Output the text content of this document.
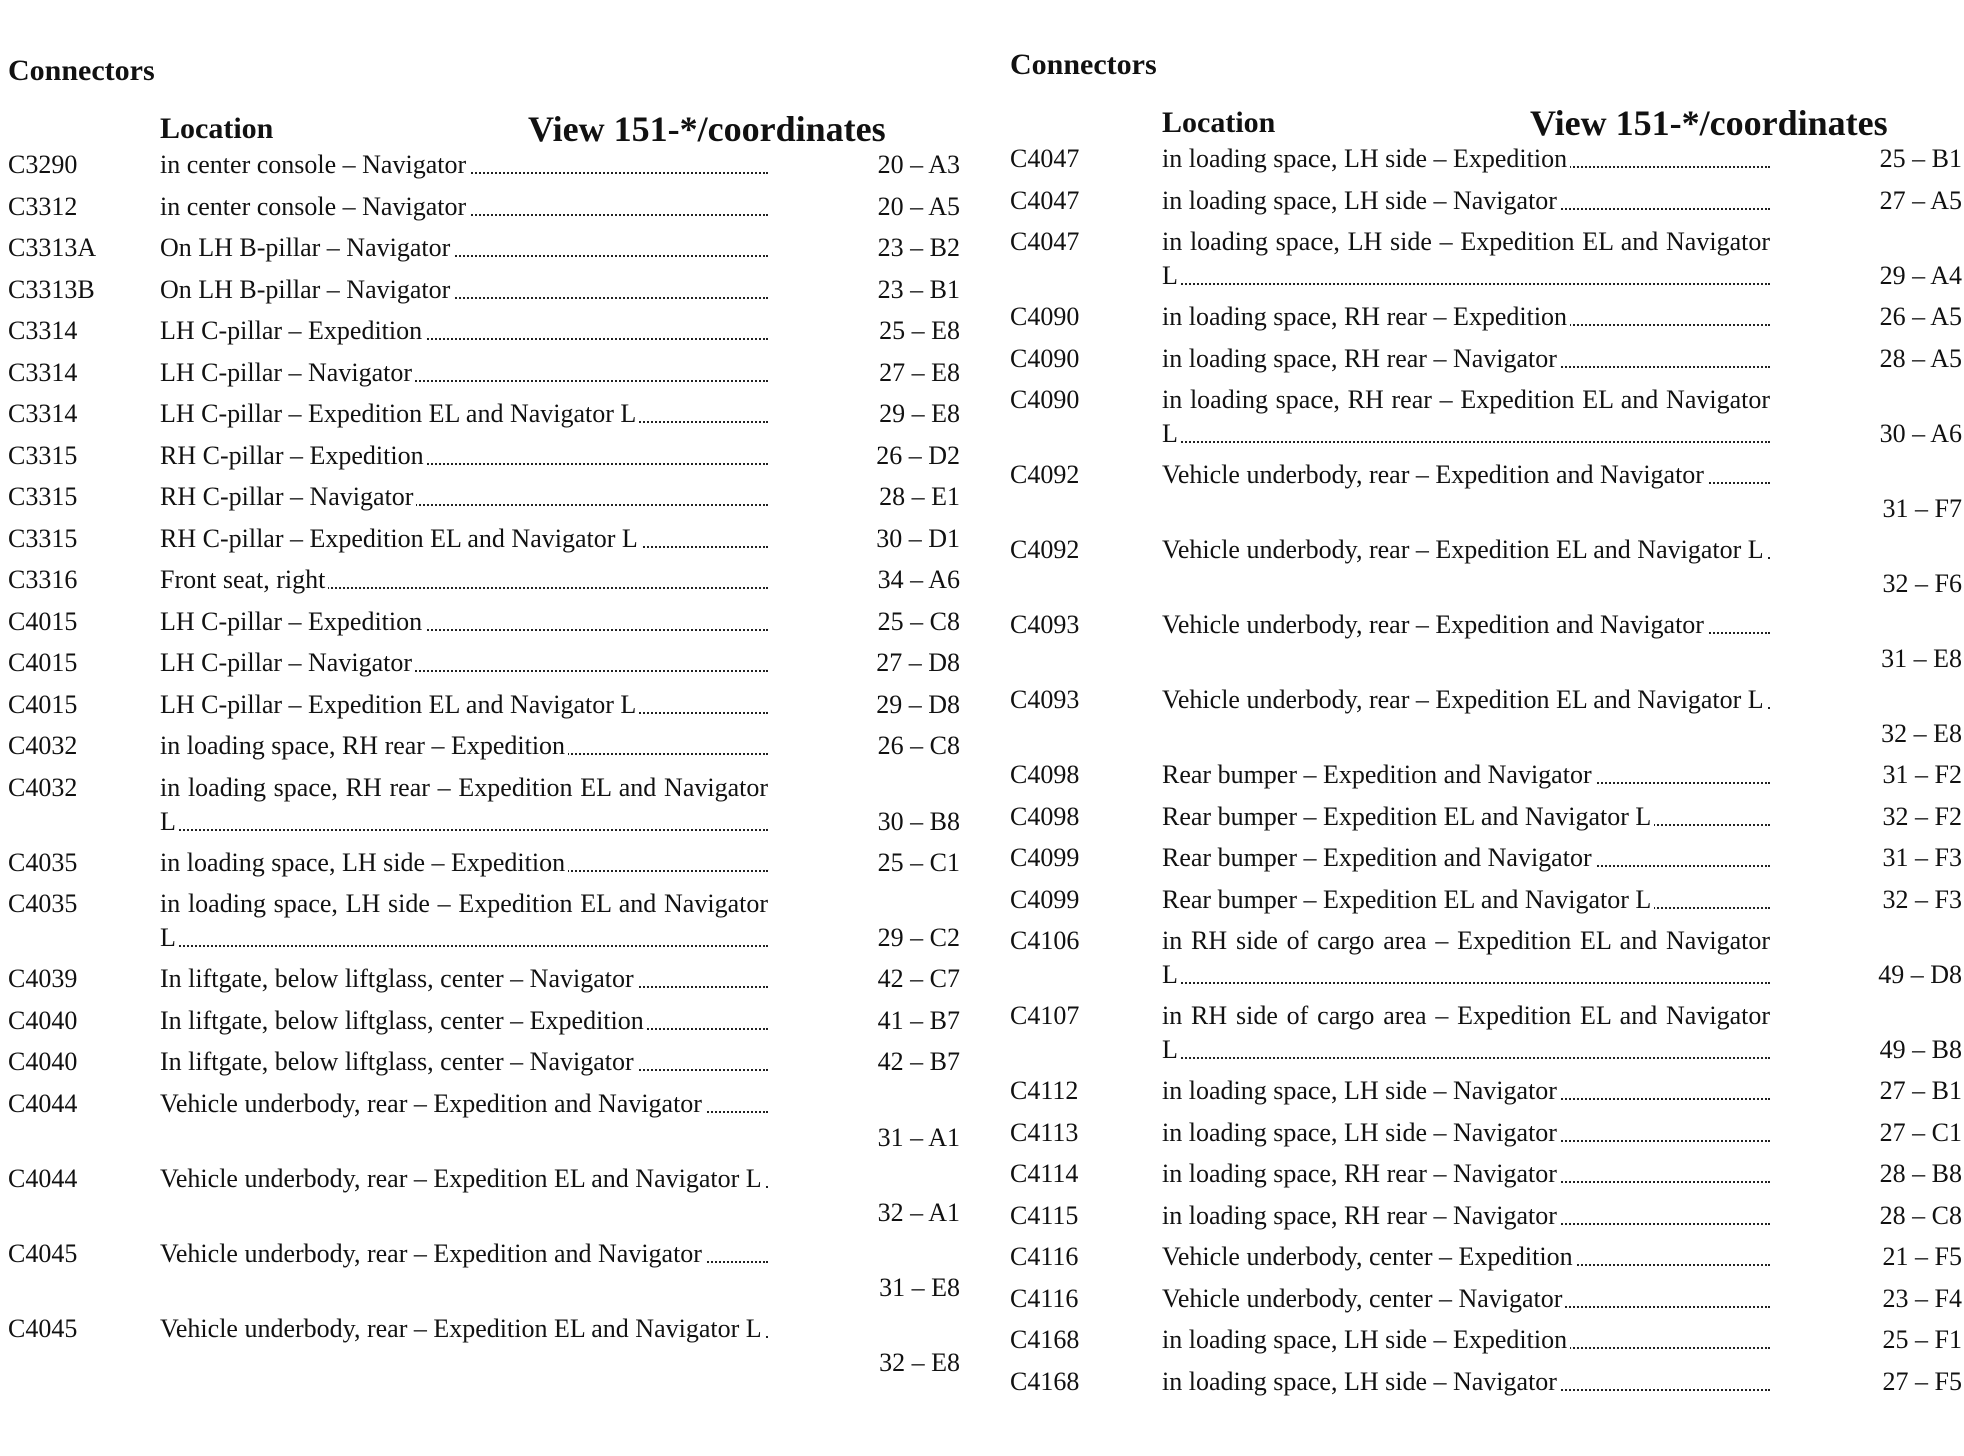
Connectors
Location	View 151-*/coordinates
C3290	in center console – Navigator	20 – A3
C3312	in center console – Navigator	20 – A5
C3313A	On LH B-pillar – Navigator	23 – B2
C3313B	On LH B-pillar – Navigator	23 – B1
C3314	LH C-pillar – Expedition	25 – E8
C3314	LH C-pillar – Navigator	27 – E8
C3314	LH C-pillar – Expedition EL and Navigator L	29 – E8
C3315	RH C-pillar – Expedition	26 – D2
C3315	RH C-pillar – Navigator	28 – E1
C3315	RH C-pillar – Expedition EL and Navigator L	30 – D1
C3316	Front seat, right	34 – A6
C4015	LH C-pillar – Expedition	25 – C8
C4015	LH C-pillar – Navigator	27 – D8
C4015	LH C-pillar – Expedition EL and Navigator L	29 – D8
C4032	in loading space, RH rear – Expedition	26 – C8
C4032	in loading space, RH rear – Expedition EL and Navigator L	30 – B8
C4035	in loading space, LH side – Expedition	25 – C1
C4035	in loading space, LH side – Expedition EL and Navigator L	29 – C2
C4039	In liftgate, below liftglass, center – Navigator	42 – C7
C4040	In liftgate, below liftglass, center – Expedition	41 – B7
C4040	In liftgate, below liftglass, center – Navigator	42 – B7
C4044	Vehicle underbody, rear – Expedition and Navigator
31 – A1
C4044	Vehicle underbody, rear – Expedition EL and Navigator L
32 – A1
C4045	Vehicle underbody, rear – Expedition and Navigator
31 – E8
C4045	Vehicle underbody, rear – Expedition EL and Navigator L
32 – E8
Connectors
Location	View 151-*/coordinates
C4047	in loading space, LH side – Expedition	25 – B1
C4047	in loading space, LH side – Navigator	27 – A5
C4047	in loading space, LH side – Expedition EL and Navigator L	29 – A4
C4090	in loading space, RH rear – Expedition	26 – A5
C4090	in loading space, RH rear – Navigator	28 – A5
C4090	in loading space, RH rear – Expedition EL and Navigator L	30 – A6
C4092	Vehicle underbody, rear – Expedition and Navigator
31 – F7
C4092	Vehicle underbody, rear – Expedition EL and Navigator L
32 – F6
C4093	Vehicle underbody, rear – Expedition and Navigator
31 – E8
C4093	Vehicle underbody, rear – Expedition EL and Navigator L
32 – E8
C4098	Rear bumper – Expedition and Navigator	31 – F2
C4098	Rear bumper – Expedition EL and Navigator L	32 – F2
C4099	Rear bumper – Expedition and Navigator	31 – F3
C4099	Rear bumper – Expedition EL and Navigator L	32 – F3
C4106	in RH side of cargo area – Expedition EL and Navigator L	49 – D8
C4107	in RH side of cargo area – Expedition EL and Navigator L	49 – B8
C4112	in loading space, LH side – Navigator	27 – B1
C4113	in loading space, LH side – Navigator	27 – C1
C4114	in loading space, RH rear – Navigator	28 – B8
C4115	in loading space, RH rear – Navigator	28 – C8
C4116	Vehicle underbody, center – Expedition	21 – F5
C4116	Vehicle underbody, center – Navigator	23 – F4
C4168	in loading space, LH side – Expedition	25 – F1
C4168	in loading space, LH side – Navigator	27 – F5
